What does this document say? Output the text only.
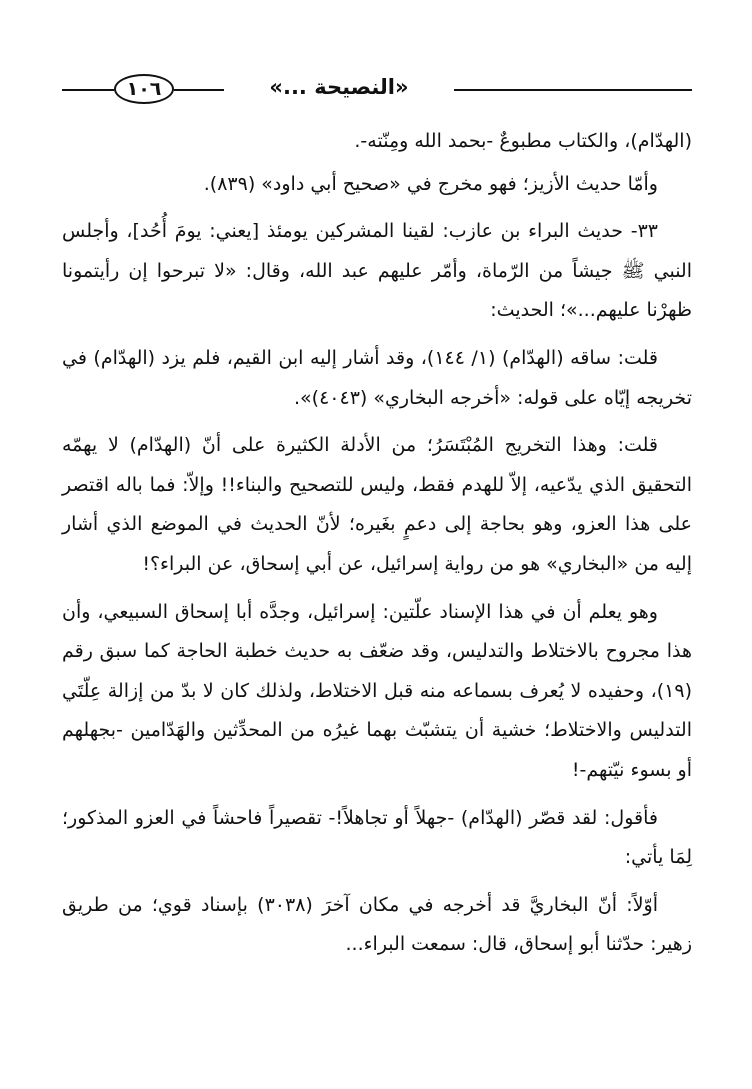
١٠٦	«النصيحة ...»

(الهدّام)، والكتاب مطبوعٌ -بحمد الله ومِنّته-.

وأمّا حديث الأزيز؛ فهو مخرج في «صحيح أبي داود» (٨٣٩).

٣٣- حديث البراء بن عازب: لقينا المشركين يومئذ [يعني: يومَ أُحُد]، وأجلس النبي ﷺ جيشاً من الرّماة، وأمّر عليهم عبد الله، وقال: «لا تبرحوا إن رأيتمونا ظهرْنا عليهم...»؛ الحديث:

قلت: ساقه (الهدّام) (١/ ١٤٤)، وقد أشار إليه ابن القيم، فلم يزد (الهدّام) في تخريجه إيّاه على قوله: «أخرجه البخاري» (٤٠٤٣)».

قلت: وهذا التخريج المُبْتَسَرُ؛ من الأدلة الكثيرة على أنّ (الهدّام) لا يهمّه التحقيق الذي يدّعيه، إلاّ للهدم فقط، وليس للتصحيح والبناء!! وإلاّ: فما باله اقتصر على هذا العزو، وهو بحاجة إلى دعمٍ بغَيره؛ لأنّ الحديث في الموضع الذي أشار إليه من «البخاري» هو من رواية إسرائيل، عن أبي إسحاق، عن البراء؟!

وهو يعلم أن في هذا الإسناد علّتين: إسرائيل، وجدَّه أبا إسحاق السبيعي، وأن هذا مجروح بالاختلاط والتدليس، وقد ضعّف به حديث خطبة الحاجة كما سبق رقم (١٩)، وحفيده لا يُعرف بسماعه منه قبل الاختلاط، ولذلك كان لا بدّ من إزالة عِلّتَي التدليس والاختلاط؛ خشية أن يتشبّث بهما غيرُه من المحدِّثين والهَدّامين -بجهلهم أو بسوء نيّتهم-!

فأقول: لقد قصّر (الهدّام) -جهلاً أو تجاهلاً!- تقصيراً فاحشاً في العزو المذكور؛ لِمَا يأتي:

أوّلاً: أنّ البخاريَّ قد أخرجه في مكان آخرَ (٣٠٣٨) بإسناد قوي؛ من طريق زهير: حدّثنا أبو إسحاق، قال: سمعت البراء...
